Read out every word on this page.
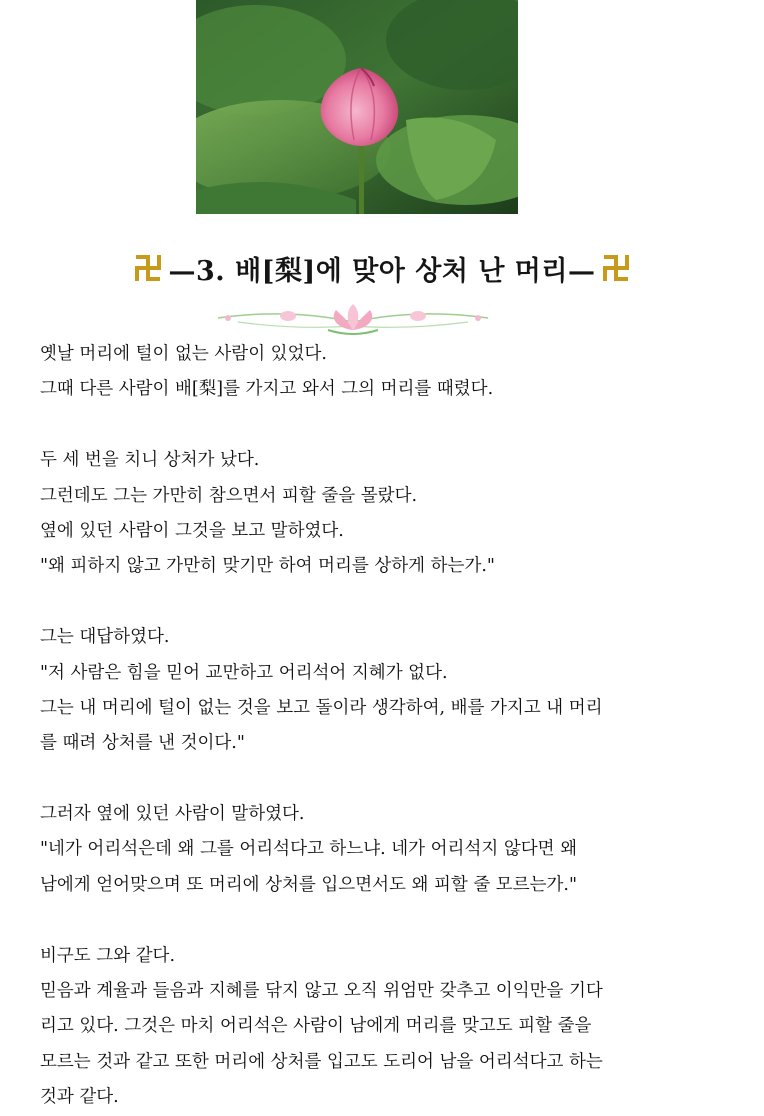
—3. 배[梨]에 맞아 상처 난 머리—
옛날 머리에 털이 없는 사람이 있었다.
그때 다른 사람이 배[梨]를 가지고 와서 그의 머리를 때렸다.
두 세 번을 치니 상처가 났다.
그런데도 그는 가만히 참으면서 피할 줄을 몰랐다.
옆에 있던 사람이 그것을 보고 말하였다.
"왜 피하지 않고 가만히 맞기만 하여 머리를 상하게 하는가."
그는 대답하였다.
"저 사람은 힘을 믿어 교만하고 어리석어 지혜가 없다.
그는 내 머리에 털이 없는 것을 보고 돌이라 생각하여, 배를 가지고 내 머리
를 때려 상처를 낸 것이다."
그러자 옆에 있던 사람이 말하였다.
"네가 어리석은데 왜 그를 어리석다고 하느냐. 네가 어리석지 않다면 왜
남에게 얻어맞으며 또 머리에 상처를 입으면서도 왜 피할 줄 모르는가."
비구도 그와 같다.
믿음과 계율과 들음과 지혜를 닦지 않고 오직 위엄만 갖추고 이익만을 기다
리고 있다. 그것은 마치 어리석은 사람이 남에게 머리를 맞고도 피할 줄을
모르는 것과 같고 또한 머리에 상처를 입고도 도리어 남을 어리석다고 하는
것과 같다.
